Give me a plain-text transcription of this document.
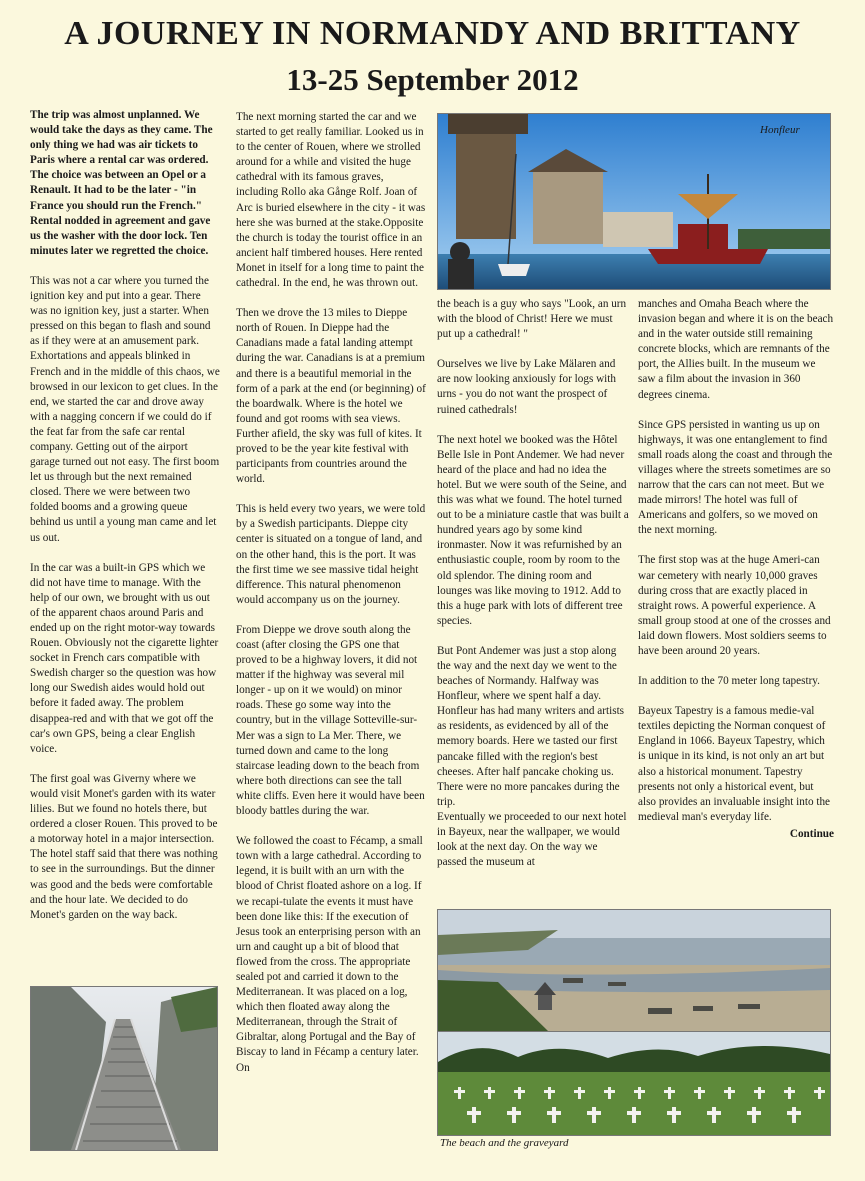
A JOURNEY IN NORMANDY AND BRITTANY
13-25 September 2012

The trip was almost unplanned. We would take the days as they came. The only thing we had was air tickets to Paris where a rental car was ordered. The choice was between an Opel or a Renault. It had to be the later - "in France you should run the French." Rental nodded in agreement and gave us the washer with the door lock. Ten minutes later we regretted the choice.

This was not a car where you turned the ignition key and put into a gear. There was no ignition key, just a starter. When pressed on this began to flash and sound as if they were at an amusement park. Exhortations and appeals blinked in French and in the middle of this chaos, we browsed in our lexicon to get clues. In the end, we started the car and drove away with a nagging concern if we could do if the feat far from the safe car rental company. Getting out of the airport garage turned out not easy. The first boom let us through but the next remained closed. There we were between two folded booms and a growing queue behind us until a young man came and let us out.

In the car was a built-in GPS which we did not have time to manage. With the help of our own, we brought with us out of the apparent chaos around Paris and ended up on the right motor-way towards Rouen. Obviously not the cigarette lighter socket in French cars compatible with Swedish charger so the question was how long our Swedish aides would hold out before it faded away. The problem disappea-red and with that we got off the car's own GPS, being a clear English voice.

The first goal was Giverny where we would visit Monet's garden with its water lilies. But we found no hotels there, but ordered a closer Rouen. This proved to be a motorway hotel in a major intersection. The hotel staff said that there was nothing to see in the surroundings. But the dinner was good and the beds were comfortable and the hour late. We decided to do Monet's garden on the way back.

The next morning started the car and we started to get really familiar. Looked us in to the center of Rouen, where we strolled around for a while and visited the huge cathedral with its famous graves, including Rollo aka Gånge Rolf. Joan of Arc is buried elsewhere in the city - it was here she was burned at the stake.Opposite the church is today the tourist office in an ancient half timbered houses. Here rented Monet in itself for a long time to paint the cathedral. In the end, he was thrown out.

Then we drove the 13 miles to Dieppe north of Rouen. In Dieppe had the Canadians made a fatal landing attempt during the war. Canadians is at a premium and there is a beautiful memorial in the form of a park at the end (or beginning) of the boardwalk. Where is the hotel we found and got rooms with sea views. Further afield, the sky was full of kites. It proved to be the year kite festival with participants from countries around the world.

This is held every two years, we were told by a Swedish participants. Dieppe city center is situated on a tongue of land, and on the other hand, this is the port. It was the first time we see massive tidal height difference. This natural phenomenon would accompany us on the journey.

From Dieppe we drove south along the coast (after closing the GPS one that proved to be a highway lovers, it did not matter if the highway was several mil longer - up on it we would) on minor roads. These go some way into the country, but in the village Sotteville-sur-Mer was a sign to La Mer. There, we turned down and came to the long staircase leading down to the beach from where both directions can see the tall white cliffs. Even here it would have been bloody battles during the war.

We followed the coast to Fécamp, a small town with a large cathedral. According to legend, it is built with an urn with the blood of Christ floated ashore on a log. If we recapi-tulate the events it must have been done like this: If the execution of Jesus took an enterprising person with an urn and caught up a bit of blood that flowed from the cross. The appropriate sealed pot and carried it down to the Mediterranean. It was placed on a log, which then floated away along the Mediterranean, through the Strait of Gibraltar, along Portugal and the Bay of Biscay to land in Fécamp a century later. On

Honfleur

the beach is a guy who says "Look, an urn with the blood of Christ! Here we must put up a cathedral! "

Ourselves we live by Lake Mälaren and are now looking anxiously for logs with urns - you do not want the prospect of ruined cathedrals!

The next hotel we booked was the Hôtel Belle Isle in Pont Andemer. We had never heard of the place and had no idea the hotel. But we were south of the Seine, and this was what we found. The hotel turned out to be a miniature castle that was built a hundred years ago by some kind ironmaster. Now it was refurnished by an enthusiastic couple, room by room to the old splendor. The dining room and lounges was like moving to 1912. Add to this a huge park with lots of different tree species.

But Pont Andemer was just a stop along the way and the next day we went to the beaches of Normandy. Halfway was Honfleur, where we spent half a day. Honfleur has had many writers and artists as residents, as evidenced by all of the memory boards. Here we tasted our first pancake filled with the region's best cheeses. After half pancake choking us. There were no more pancakes during the trip.

Eventually we proceeded to our next hotel in Bayeux, near the wallpaper, we would look at the next day. On the way we passed the museum at

manches and Omaha Beach where the invasion began and where it is on the beach and in the water outside still remaining concrete blocks, which are remnants of the port, the Allies built. In the museum we saw a film about the invasion in 360 degrees cinema.

Since GPS persisted in wanting us up on highways, it was one entanglement to find small roads along the coast and through the villages where the streets sometimes are so narrow that the cars can not meet. But we made mirrors! The hotel was full of Americans and golfers, so we moved on the next morning.

The first stop was at the huge Ameri-can war cemetery with nearly 10,000 graves during cross that are exactly placed in straight rows. A powerful experience. A small group stood at one of the crosses and laid down flowers. Most soldiers seems to have been around 20 years.

In addition to the 70 meter long tapestry.

Bayeux Tapestry is a famous medie-val textiles depicting the Norman conquest of England in 1066. Bayeux Tapestry, which is unique in its kind, is not only an art but also a historical monument. Tapestry presents not only a historical event, but also provides an invaluable insight into the medieval man's everyday life.

Continue

The beach and the graveyard
